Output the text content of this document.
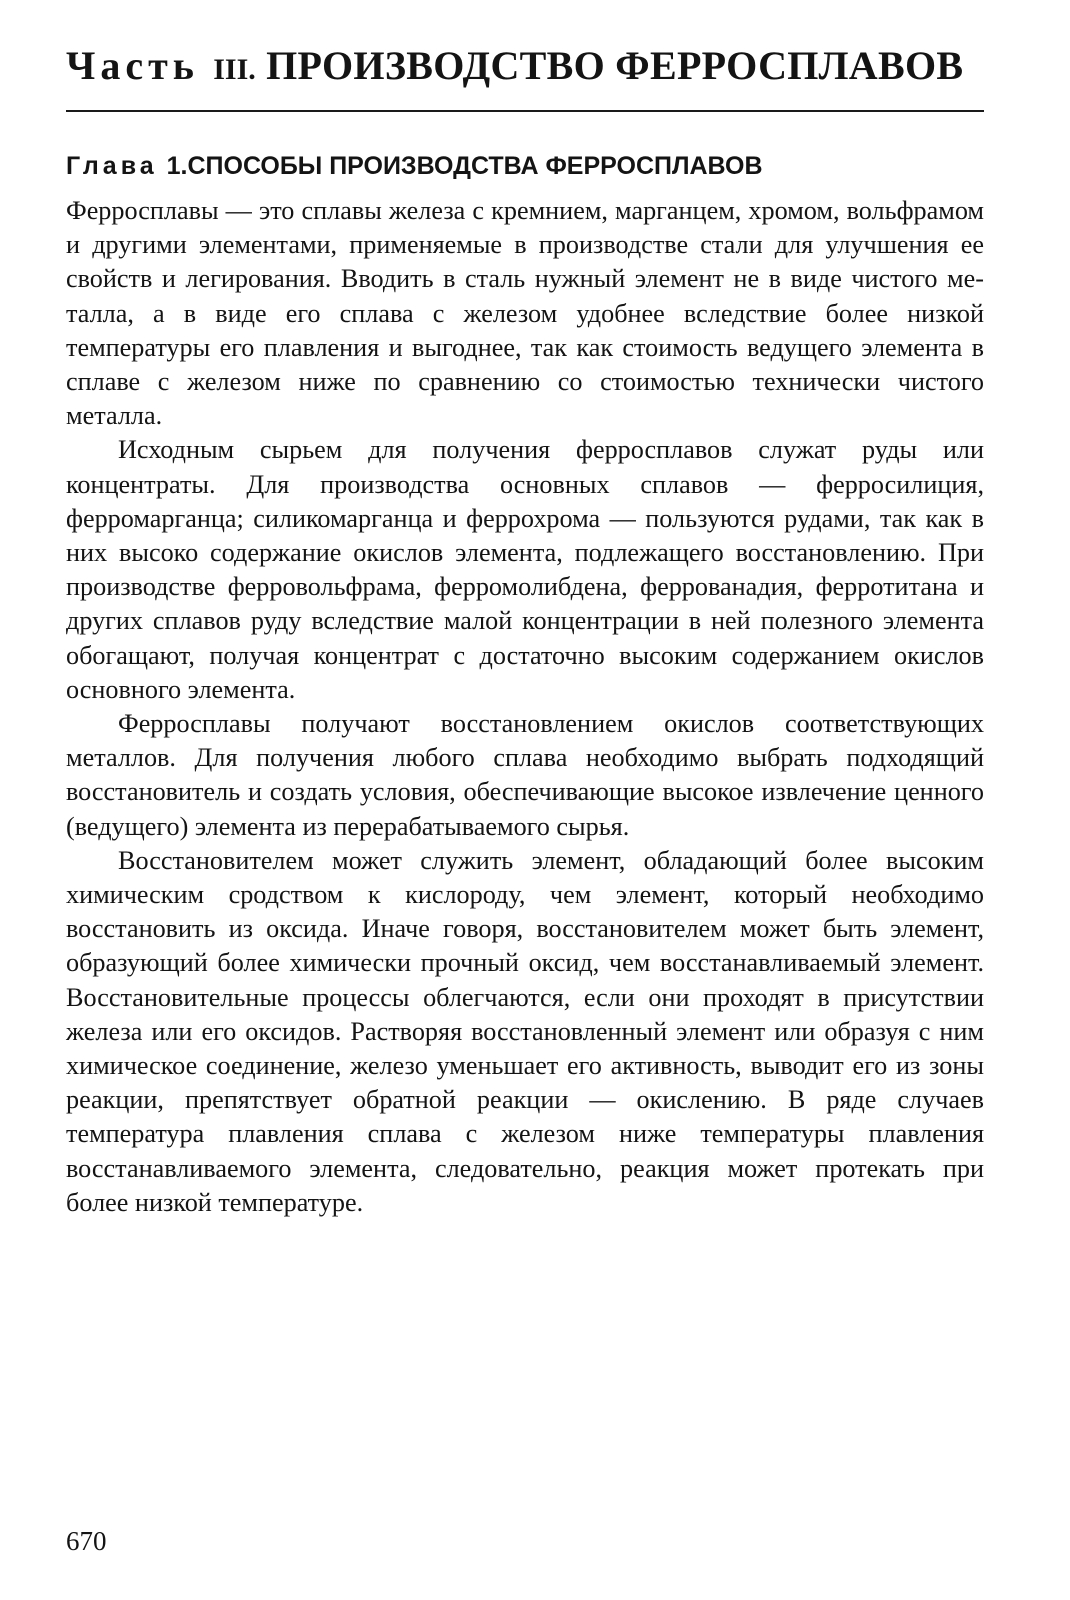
Часть III. ПРОИЗВОДСТВО ФЕРРОСПЛАВОВ
Глава 1.СПОСОБЫ ПРОИЗВОДСТВА ФЕРРОСПЛАВОВ

Ферросплавы — это сплавы железа с кремнием, марганцем, хромом, вольфрамом и другими элементами, применяемые в производстве стали для улучшения ее свойств и легирования. Вводить в сталь нужный элемент не в виде чистого металла, а в виде его сплава с железом удобнее вследствие более низкой температуры его плавления и выгоднее, так как стоимость ведущего элемента в сплаве с железом ниже по сравнению со стоимостью технически чистого металла.

Исходным сырьем для получения ферросплавов служат руды или концентраты. Для производства основных сплавов — ферросилиция, ферромарганца; силикомарганца и феррохрома — пользуются рудами, так как в них высоко содержание окислов элемента, подлежащего восстановлению. При производстве ферровольфрама, ферромолибдена, феррованадия, ферротитана и других сплавов руду вследствие малой концентрации в ней полезного элемента обогащают, получая концентрат с достаточно высоким содержанием окислов основного элемента.

Ферросплавы получают восстановлением окислов соответствующих металлов. Для получения любого сплава необходимо выбрать подходящий восстановитель и создать условия, обеспечивающие высокое извлечение ценного (ведущего) элемента из перерабатываемого сырья.

Восстановителем может служить элемент, обладающий более высоким химическим сродством к кислороду, чем элемент, который необходимо восстановить из оксида. Иначе говоря, восстановителем может быть элемент, образующий более химически прочный оксид, чем восстанавливаемый элемент. Восстановительные процессы облегчаются, если они проходят в присутствии железа или его оксидов. Растворяя восстановленный элемент или образуя с ним химическое соединение, железо уменьшает его активность, выводит его из зоны реакции, препятствует обратной реакции — окислению. В ряде случаев температура плавления сплава с железом ниже температуры плавления восстанавливаемого элемента, следовательно, реакция может протекать при более низкой температуре.

670
